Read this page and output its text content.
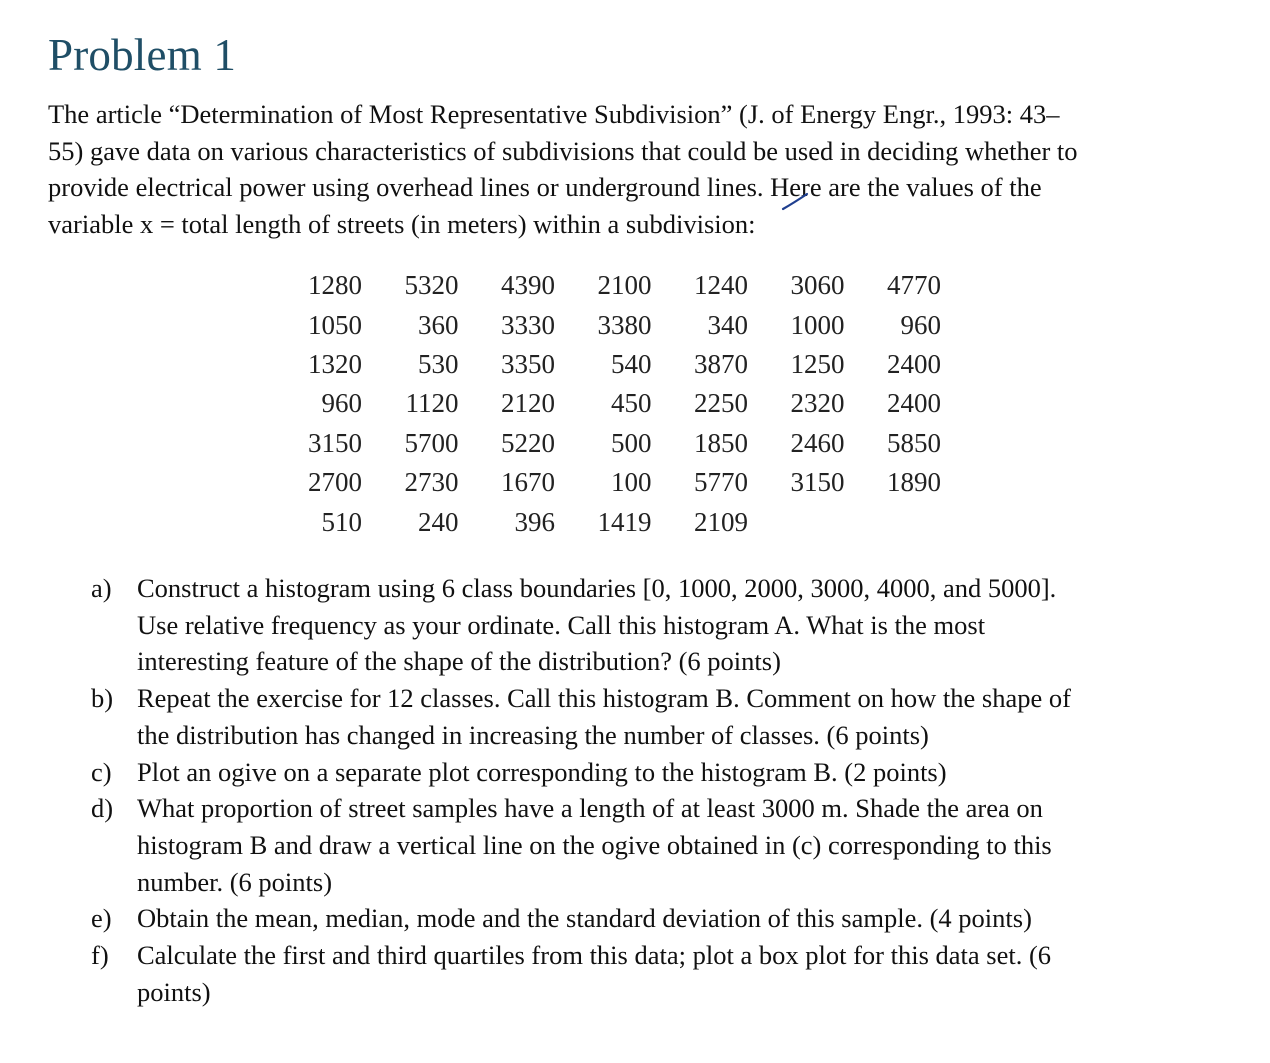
Problem 1

The article “Determination of Most Representative Subdivision” (J. of Energy Engr., 1993: 43–
55) gave data on various characteristics of subdivisions that could be used in deciding whether to
provide electrical power using overhead lines or underground lines. Here are the values of the
variable x = total length of streets (in meters) within a subdivision:

1280	5320	4390	2100	1240	3060	4770
1050	360	3330	3380	340	1000	960
1320	530	3350	540	3870	1250	2400
960	1120	2120	450	2250	2320	2400
3150	5700	5220	500	1850	2460	5850
2700	2730	1670	100	5770	3150	1890
510	240	396	1419	2109		
a) Construct a histogram using 6 class boundaries [0, 1000, 2000, 3000, 4000, and 5000].
Use relative frequency as your ordinate. Call this histogram A. What is the most
interesting feature of the shape of the distribution? (6 points)
b) Repeat the exercise for 12 classes. Call this histogram B. Comment on how the shape of
the distribution has changed in increasing the number of classes. (6 points)
c) Plot an ogive on a separate plot corresponding to the histogram B. (2 points)
d) What proportion of street samples have a length of at least 3000 m. Shade the area on
histogram B and draw a vertical line on the ogive obtained in (c) corresponding to this
number. (6 points)
e) Obtain the mean, median, mode and the standard deviation of this sample. (4 points)
f) Calculate the first and third quartiles from this data; plot a box plot for this data set. (6
points)
